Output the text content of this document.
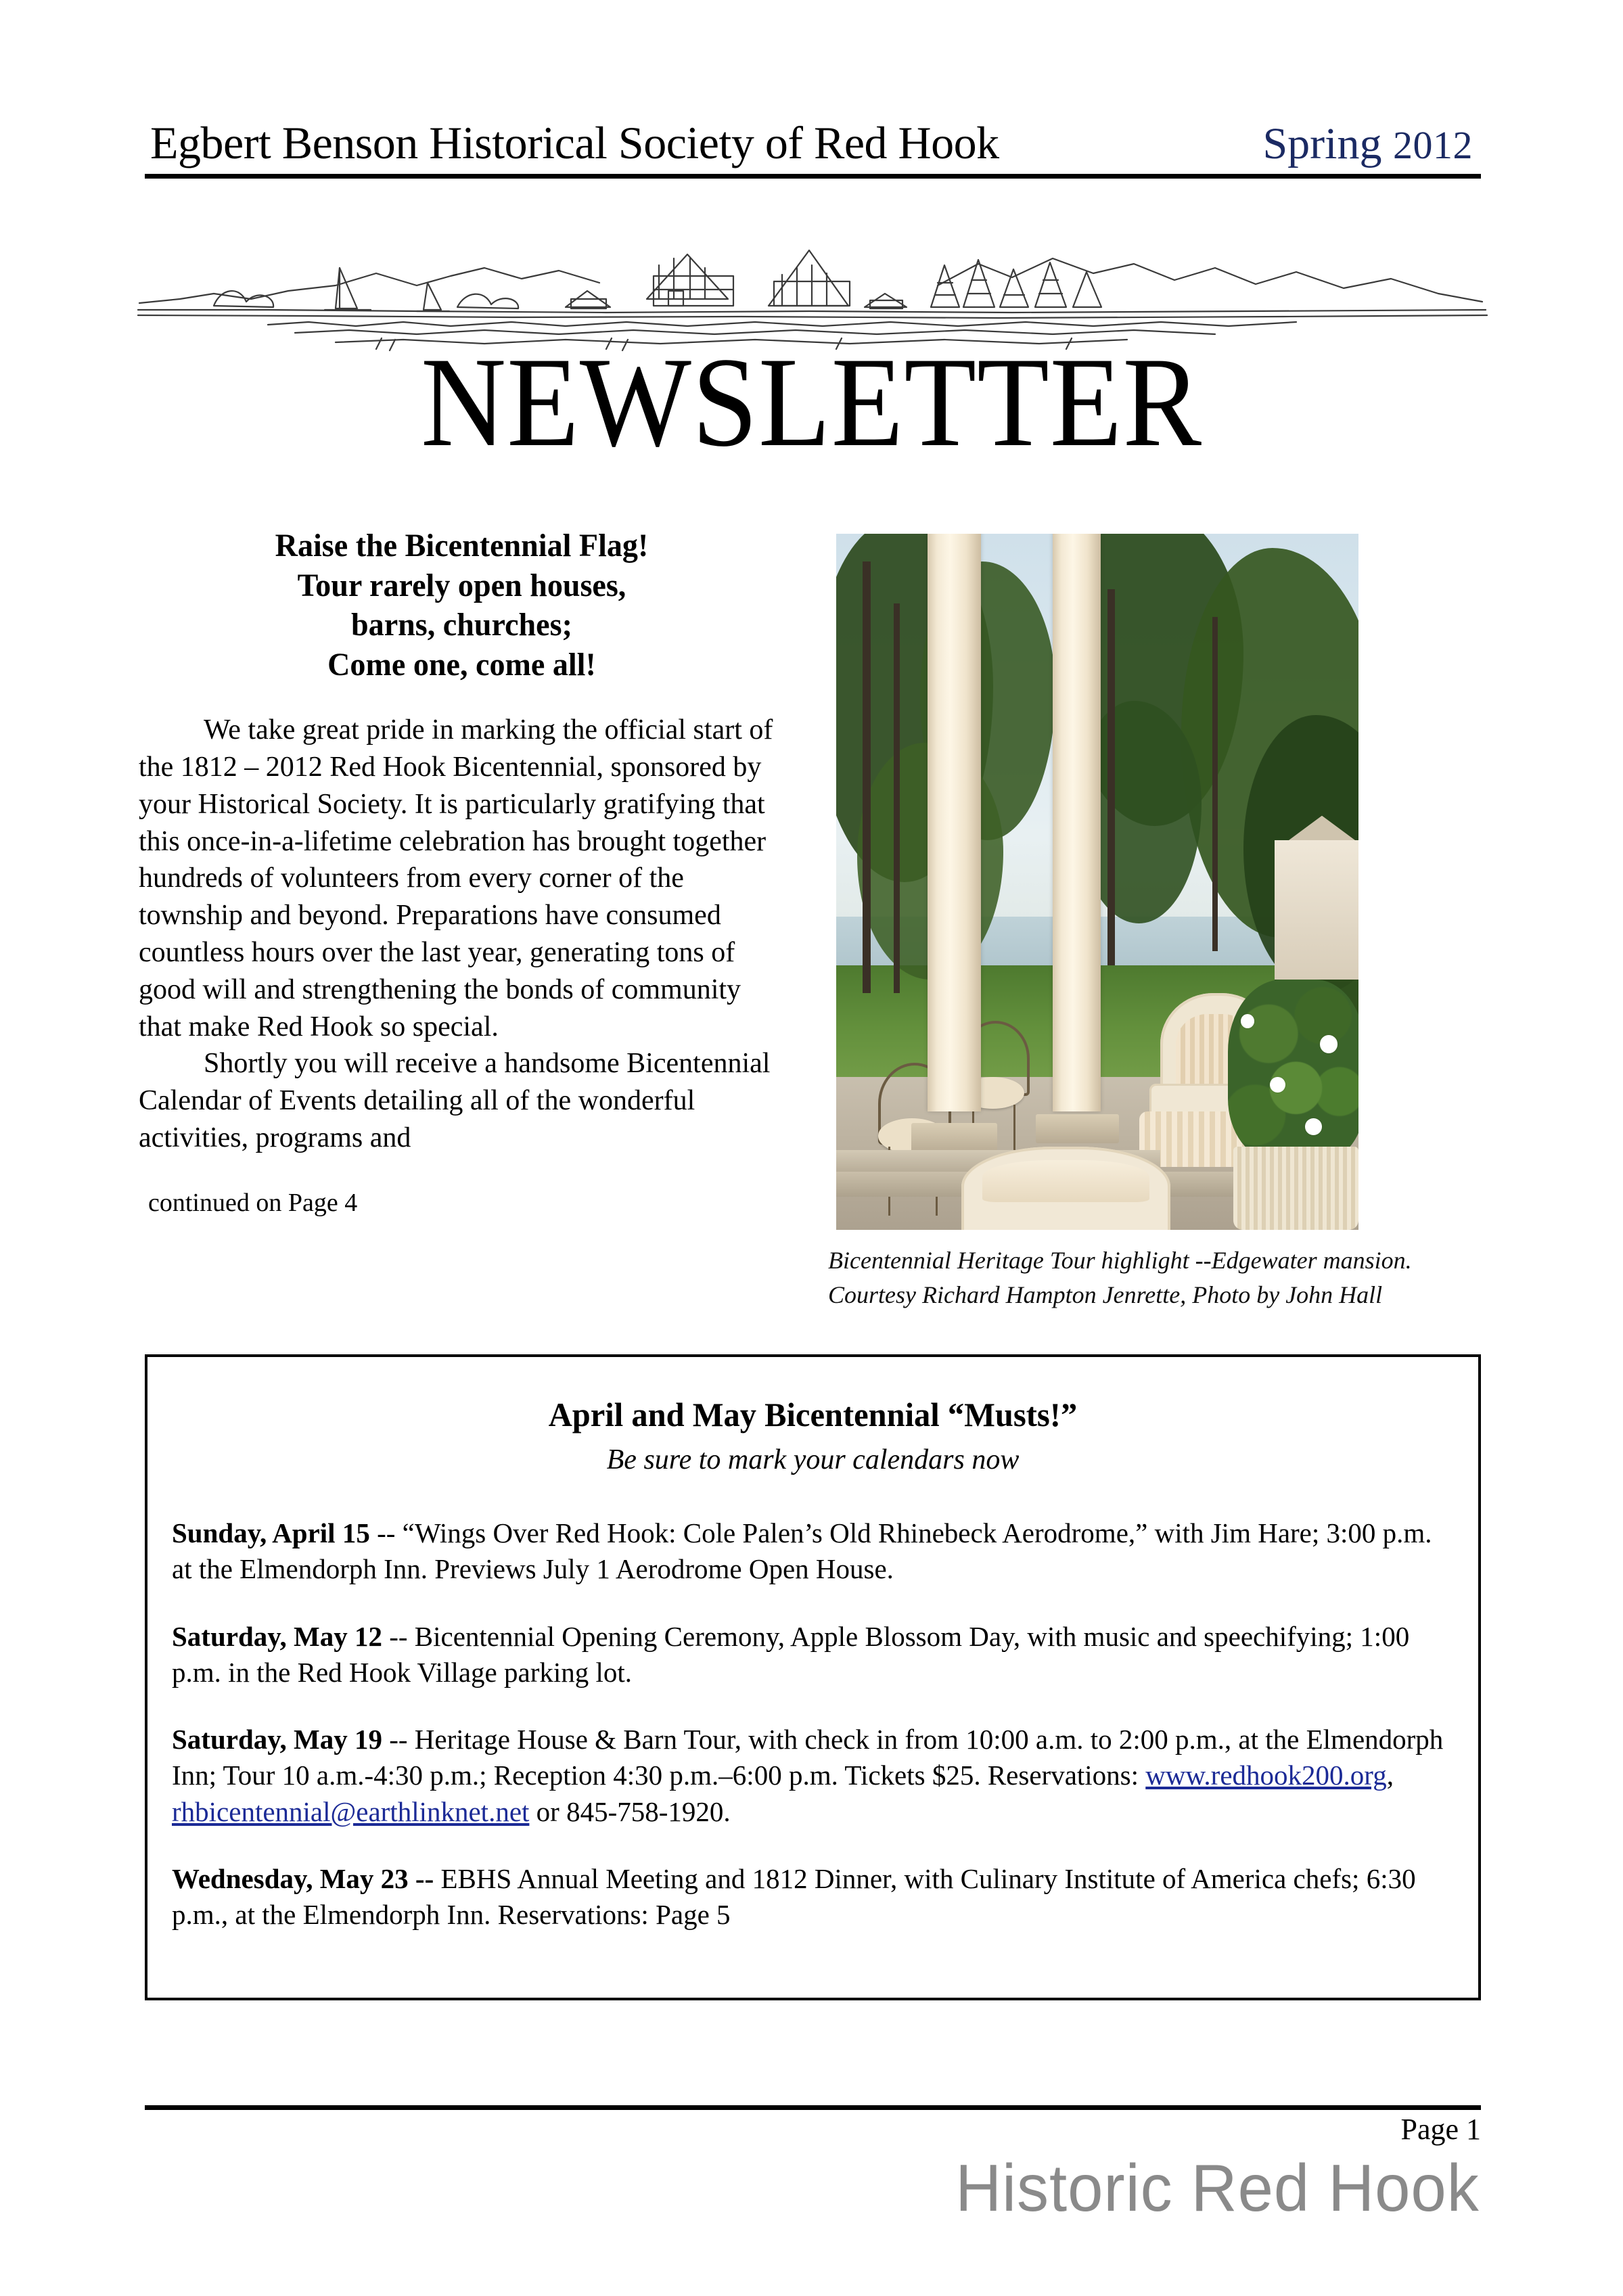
Egbert Benson Historical Society of Red Hook	Spring 2012
NEWSLETTER
Raise the Bicentennial Flag!
Tour rarely open houses,
barns, churches;
Come one, come all!

We take great pride in marking the official start of the 1812 – 2012 Red Hook Bicentennial, sponsored by your Historical Society. It is particularly gratifying that this once-in-a-lifetime celebration has brought together hundreds of volunteers from every corner of the township and beyond. Preparations have consumed countless hours over the last year, generating tons of good will and strengthening the bonds of community that make Red Hook so special.

Shortly you will receive a handsome Bicentennial Calendar of Events detailing all of the wonderful activities, programs and

continued on Page 4
Bicentennial Heritage Tour highlight --Edgewater mansion.
Courtesy Richard Hampton Jenrette, Photo by John Hall
April and May Bicentennial “Musts!”
Be sure to mark your calendars now

Sunday, April 15 -- “Wings Over Red Hook: Cole Palen’s Old Rhinebeck Aerodrome,” with Jim Hare; 3:00 p.m. at the Elmendorph Inn. Previews July 1 Aerodrome Open House.

Saturday, May 12 -- Bicentennial Opening Ceremony, Apple Blossom Day, with music and speechifying; 1:00 p.m. in the Red Hook Village parking lot.

Saturday, May 19 -- Heritage House & Barn Tour, with check in from 10:00 a.m. to 2:00 p.m., at the Elmendorph Inn; Tour 10 a.m.-4:30 p.m.; Reception 4:30 p.m.–6:00 p.m. Tickets $25. Reservations: www.redhook200.org, rhbicentennial@earthlinknet.net or 845-758-1920.

Wednesday, May 23 -- EBHS Annual Meeting and 1812 Dinner, with Culinary Institute of America chefs; 6:30 p.m., at the Elmendorph Inn. Reservations: Page 5

Page 1
Historic Red Hook
